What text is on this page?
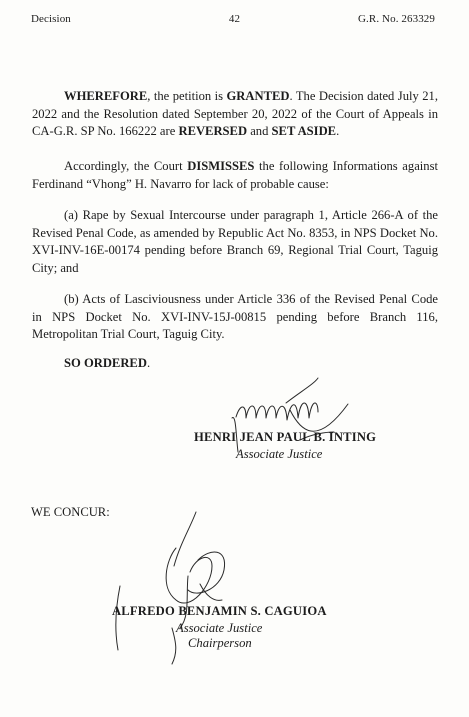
Decision	42	G.R. No. 263329
WHEREFORE, the petition is GRANTED. The Decision dated July 21, 2022 and the Resolution dated September 20, 2022 of the Court of Appeals in CA-G.R. SP No. 166222 are REVERSED and SET ASIDE.
Accordingly, the Court DISMISSES the following Informations against Ferdinand “Vhong” H. Navarro for lack of probable cause:
(a) Rape by Sexual Intercourse under paragraph 1, Article 266-A of the Revised Penal Code, as amended by Republic Act No. 8353, in NPS Docket No. XVI-INV-16E-00174 pending before Branch 69, Regional Trial Court, Taguig City; and
(b) Acts of Lasciviousness under Article 336 of the Revised Penal Code in NPS Docket No. XVI-INV-15J-00815 pending before Branch 116, Metropolitan Trial Court, Taguig City.
SO ORDERED.
HENRI JEAN PAUL B. INTING
Associate Justice
WE CONCUR:
ALFREDO BENJAMIN S. CAGUIOA
Associate Justice
Chairperson
